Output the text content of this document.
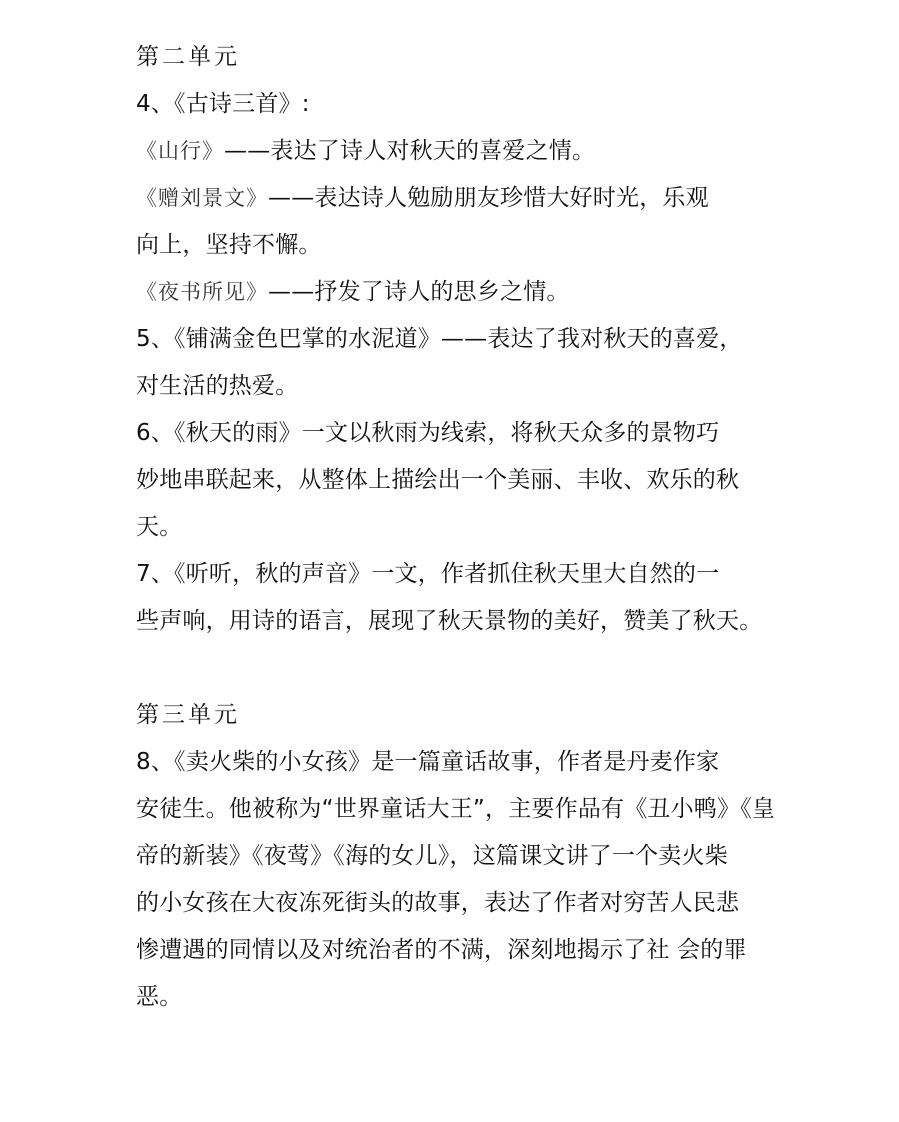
第二单元

4、《古诗三首》:

《山行》——表达了诗人对秋天的喜爱之情。

《赠刘景文》——表达诗人勉励朋友珍惜大好时光，乐观

向上，坚持不懈。

《夜书所见》——抒发了诗人的思乡之情。

5、《铺满金色巴掌的水泥道》——表达了我对秋天的喜爱，

对生活的热爱。

6、《秋天的雨》一文以秋雨为线索，将秋天众多的景物巧

妙地串联起来，从整体上描绘出一个美丽、丰收、欢乐的秋

天。

7、《听听，秋的声音》一文，作者抓住秋天里大自然的一

些声响，用诗的语言，展现了秋天景物的美好，赞美了秋天。

第三单元

8、《卖火柴的小女孩》是一篇童话故事，作者是丹麦作家

安徒生。他被称为“世界童话大王”，主要作品有《丑小鸭》《皇

帝的新装》《夜莺》《海的女儿》，这篇课文讲了一个卖火柴

的小女孩在大夜冻死街头的故事，表达了作者对穷苦人民悲

惨遭遇的同情以及对统治者的不满，深刻地揭示了社 会的罪

恶。
